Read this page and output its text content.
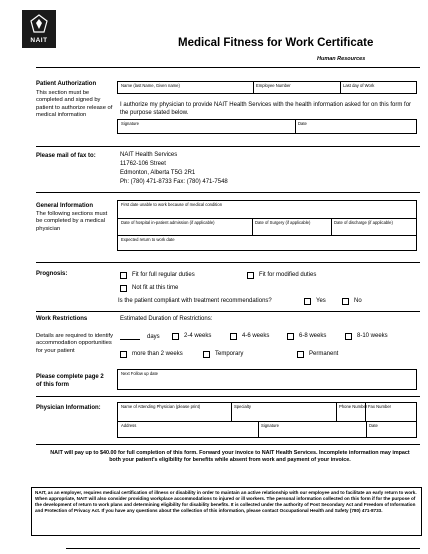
NAIT	Medical Fitness for Work Certificate
Human Resources
Patient Authorization
This section must be completed and signed by patient to authorize release of medical information
Name (last Name, Given name)	Employee Number	Last day of Work
I authorize my physician to provide NAIT Health Services with the health information asked for on this form for the purpose stated below.
Signature	Date
Please mail of fax to:	NAIT Health Services
11762-106 Street
Edmonton, Alberta T5G 2R1
Ph: (780) 471-8733 Fax: (780) 471-7548
General Information
The following sections must be completed by a medical physician
First date unable to work because of medical condition
Date of hospital in-patient admission (if applicable)	Date of Surgery (if applicable)	Date of discharge (if applicable)
Expected return to work date
Prognosis:	Fit for full regular duties	Fit for modified duties
Not fit at this time
Is the patient compliant with treatment recommendations?	Yes	No
Work Restrictions	Estimated Duration of Restrictions:
Details are required to identify accommodation opportunities for your patient
days	2-4 weeks	4-6 weeks	6-8 weeks	8-10 weeks
more than 2 weeks	Temporary	Permanent
Please complete page 2 of this form
Next Follow up date
Physician Information:	Name of Attending Physician (please print)	Specialty	Phone Number Fax Number
Address	Signature	Date
NAIT will pay up to $40.00 for full completion of this form. Forward your invoice to NAIT Health Services. Incomplete information may impact both your patient's eligibility for benefits while absent from work and payment of your invoice.
NAIT, as an employer, requires medical certification of illness or disability in order to maintain an active relationship with our employee and to facilitate an early return to work. When appropriate, NAIT will also consider providing workplace accommodations to injured or ill workers. The personal information collected on this form if for the purpose of the development of return to work plans and determining eligibility for disability benefits. It is collected under the authority of Post Secondary Act and Freedom of Information and Protection of Privacy Act. If you have any questions about the collection of this information, please contact Occupational Health and Safety (780) 471-8733.
